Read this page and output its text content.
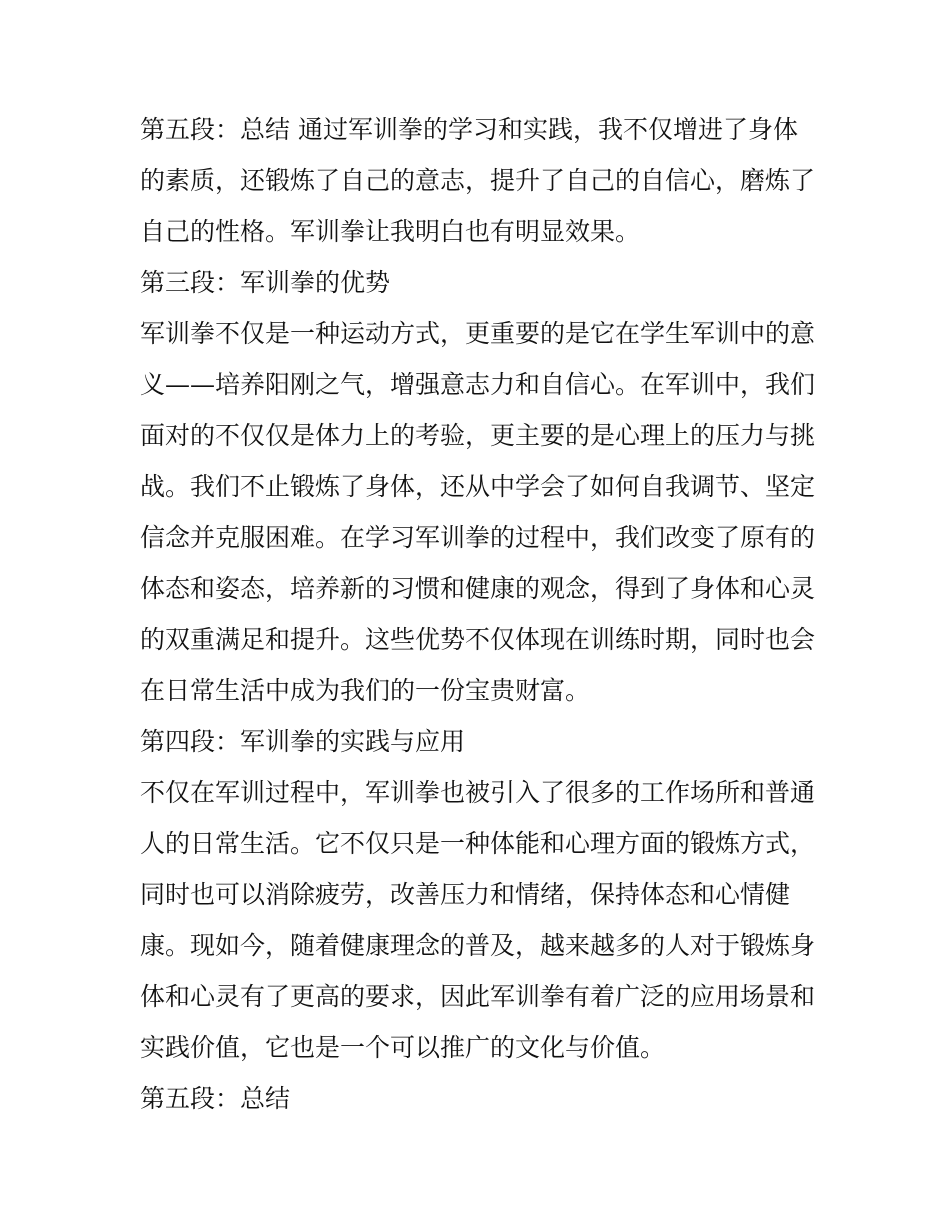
第五段：总结 通过军训拳的学习和实践，我不仅增进了身体的素质，还锻炼了自己的意志，提升了自己的自信心，磨炼了自己的性格。军训拳让我明白也有明显效果。

第三段：军训拳的优势

军训拳不仅是一种运动方式，更重要的是它在学生军训中的意义——培养阳刚之气，增强意志力和自信心。在军训中，我们面对的不仅仅是体力上的考验，更主要的是心理上的压力与挑战。我们不止锻炼了身体，还从中学会了如何自我调节、坚定信念并克服困难。在学习军训拳的过程中，我们改变了原有的体态和姿态，培养新的习惯和健康的观念，得到了身体和心灵的双重满足和提升。这些优势不仅体现在训练时期，同时也会在日常生活中成为我们的一份宝贵财富。

第四段：军训拳的实践与应用

不仅在军训过程中，军训拳也被引入了很多的工作场所和普通人的日常生活。它不仅只是一种体能和心理方面的锻炼方式，同时也可以消除疲劳，改善压力和情绪，保持体态和心情健康。现如今，随着健康理念的普及，越来越多的人对于锻炼身体和心灵有了更高的要求，因此军训拳有着广泛的应用场景和实践价值，它也是一个可以推广的文化与价值。

第五段：总结
